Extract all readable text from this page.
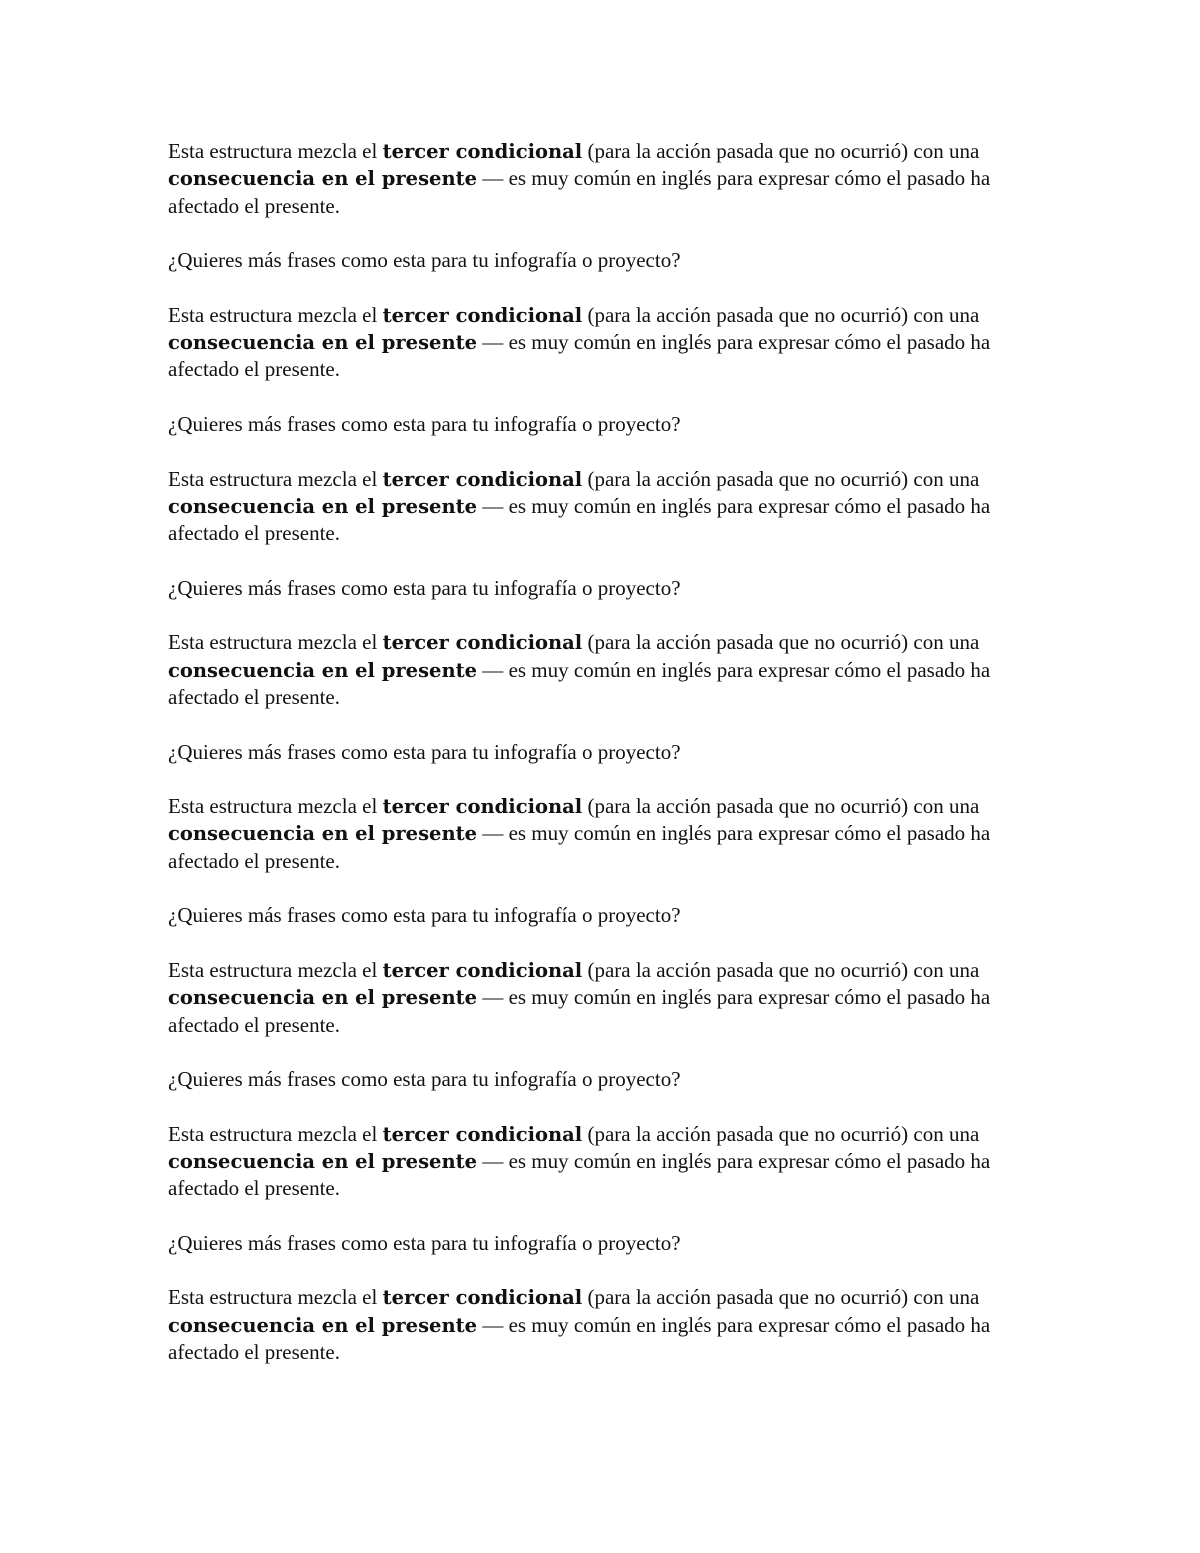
Esta estructura mezcla el tercer condicional (para la acción pasada que no ocurrió) con una consecuencia en el presente — es muy común en inglés para expresar cómo el pasado ha afectado el presente.

¿Quieres más frases como esta para tu infografía o proyecto?

Esta estructura mezcla el tercer condicional (para la acción pasada que no ocurrió) con una consecuencia en el presente — es muy común en inglés para expresar cómo el pasado ha afectado el presente.

¿Quieres más frases como esta para tu infografía o proyecto?

Esta estructura mezcla el tercer condicional (para la acción pasada que no ocurrió) con una consecuencia en el presente — es muy común en inglés para expresar cómo el pasado ha afectado el presente.

¿Quieres más frases como esta para tu infografía o proyecto?

Esta estructura mezcla el tercer condicional (para la acción pasada que no ocurrió) con una consecuencia en el presente — es muy común en inglés para expresar cómo el pasado ha afectado el presente.

¿Quieres más frases como esta para tu infografía o proyecto?

Esta estructura mezcla el tercer condicional (para la acción pasada que no ocurrió) con una consecuencia en el presente — es muy común en inglés para expresar cómo el pasado ha afectado el presente.

¿Quieres más frases como esta para tu infografía o proyecto?

Esta estructura mezcla el tercer condicional (para la acción pasada que no ocurrió) con una consecuencia en el presente — es muy común en inglés para expresar cómo el pasado ha afectado el presente.

¿Quieres más frases como esta para tu infografía o proyecto?

Esta estructura mezcla el tercer condicional (para la acción pasada que no ocurrió) con una consecuencia en el presente — es muy común en inglés para expresar cómo el pasado ha afectado el presente.

¿Quieres más frases como esta para tu infografía o proyecto?

Esta estructura mezcla el tercer condicional (para la acción pasada que no ocurrió) con una consecuencia en el presente — es muy común en inglés para expresar cómo el pasado ha afectado el presente.
